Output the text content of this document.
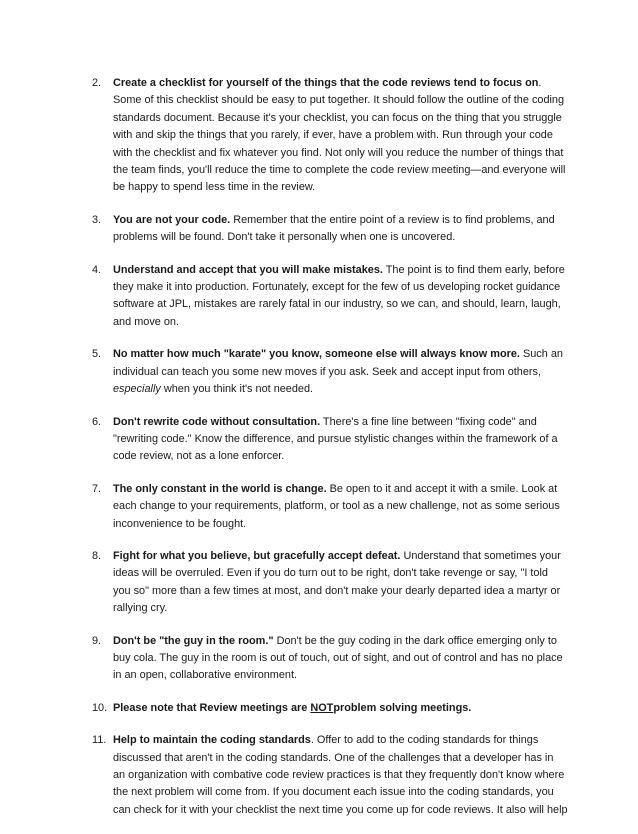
2. Create a checklist for yourself of the things that the code reviews tend to focus on. Some of this checklist should be easy to put together. It should follow the outline of the coding standards document. Because it's your checklist, you can focus on the thing that you struggle with and skip the things that you rarely, if ever, have a problem with. Run through your code with the checklist and fix whatever you find. Not only will you reduce the number of things that the team finds, you'll reduce the time to complete the code review meeting—and everyone will be happy to spend less time in the review.
3. You are not your code. Remember that the entire point of a review is to find problems, and problems will be found. Don't take it personally when one is uncovered.
4. Understand and accept that you will make mistakes. The point is to find them early, before they make it into production. Fortunately, except for the few of us developing rocket guidance software at JPL, mistakes are rarely fatal in our industry, so we can, and should, learn, laugh, and move on.
5. No matter how much "karate" you know, someone else will always know more. Such an individual can teach you some new moves if you ask. Seek and accept input from others, especially when you think it's not needed.
6. Don't rewrite code without consultation. There's a fine line between "fixing code" and "rewriting code." Know the difference, and pursue stylistic changes within the framework of a code review, not as a lone enforcer.
7. The only constant in the world is change. Be open to it and accept it with a smile. Look at each change to your requirements, platform, or tool as a new challenge, not as some serious inconvenience to be fought.
8. Fight for what you believe, but gracefully accept defeat. Understand that sometimes your ideas will be overruled. Even if you do turn out to be right, don't take revenge or say, "I told you so" more than a few times at most, and don't make your dearly departed idea a martyr or rallying cry.
9. Don't be "the guy in the room." Don't be the guy coding in the dark office emerging only to buy cola. The guy in the room is out of touch, out of sight, and out of control and has no place in an open, collaborative environment.
10. Please note that Review meetings are NOTproblem solving meetings.
11. Help to maintain the coding standards. Offer to add to the coding standards for things discussed that aren't in the coding standards. One of the challenges that a developer has in an organization with combative code review practices is that they frequently don't know where the next problem will come from. If you document each issue into the coding standards, you can check for it with your checklist the next time you come up for code reviews. It also will help
